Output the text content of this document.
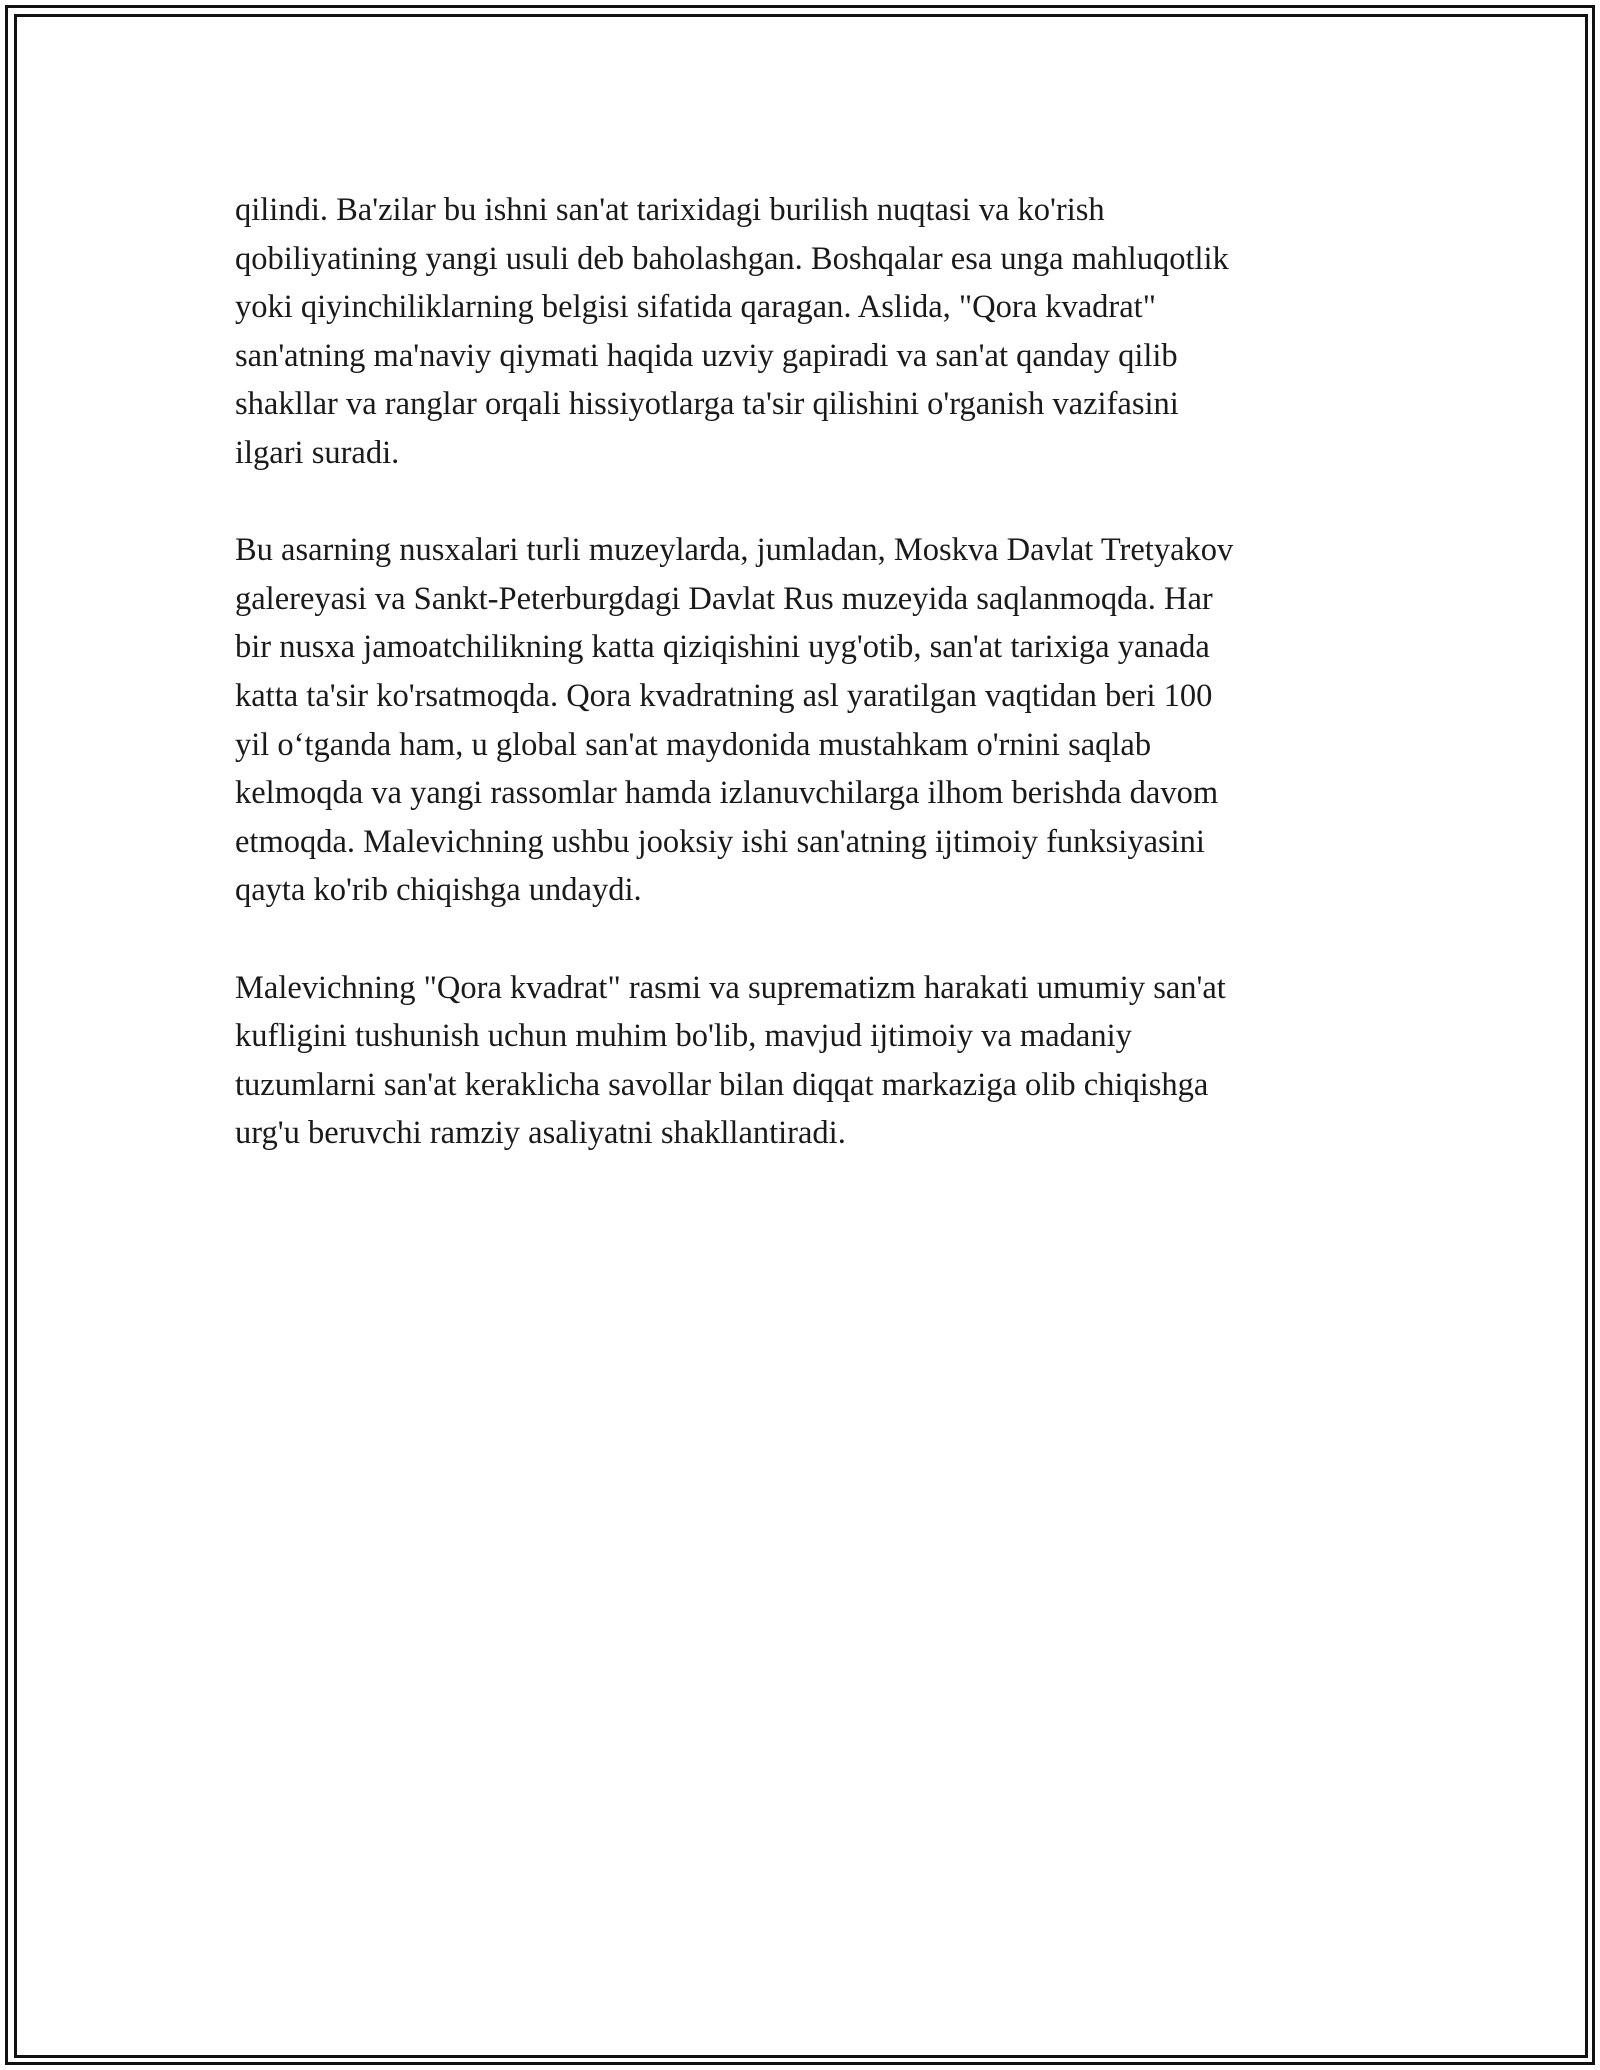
qilindi. Ba'zilar bu ishni san'at tarixidagi burilish nuqtasi va ko'rish
qobiliyatining yangi usuli deb baholashgan. Boshqalar esa unga mahluqotlik
yoki qiyinchiliklarning belgisi sifatida qaragan. Aslida, "Qora kvadrat"
san'atning ma'naviy qiymati haqida uzviy gapiradi va san'at qanday qilib
shakllar va ranglar orqali hissiyotlarga ta'sir qilishini o'rganish vazifasini
ilgari suradi.

Bu asarning nusxalari turli muzeylarda, jumladan, Moskva Davlat Tretyakov
galereyasi va Sankt-Peterburgdagi Davlat Rus muzeyida saqlanmoqda. Har
bir nusxa jamoatchilikning katta qiziqishini uyg'otib, san'at tarixiga yanada
katta ta'sir ko'rsatmoqda. Qora kvadratning asl yaratilgan vaqtidan beri 100
yil o‘tganda ham, u global san'at maydonida mustahkam o'rnini saqlab
kelmoqda va yangi rassomlar hamda izlanuvchilarga ilhom berishda davom
etmoqda. Malevichning ushbu jooksiy ishi san'atning ijtimoiy funksiyasini
qayta ko'rib chiqishga undaydi.

Malevichning "Qora kvadrat" rasmi va suprematizm harakati umumiy san'at
kufligini tushunish uchun muhim bo'lib, mavjud ijtimoiy va madaniy
tuzumlarni san'at keraklicha savollar bilan diqqat markaziga olib chiqishga
urg'u beruvchi ramziy asaliyatni shakllantiradi.
